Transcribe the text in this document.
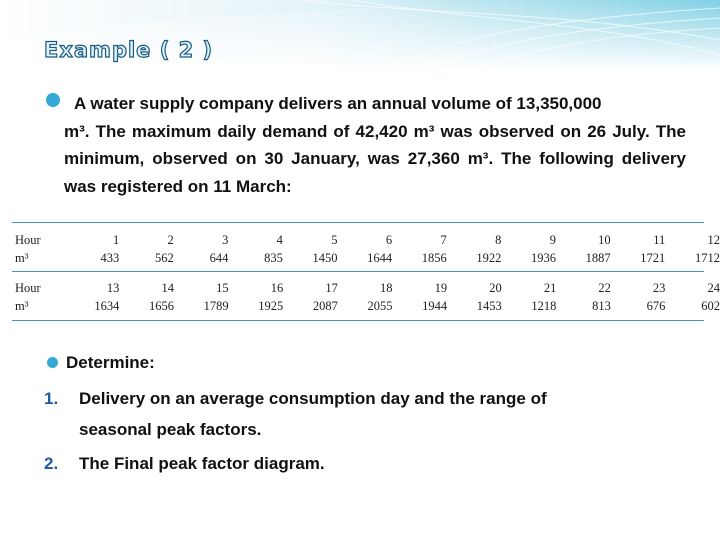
Example ( 2 )
A water supply company delivers an annual volume of 13,350,000
m³. The maximum daily demand of 42,420 m³ was observed on 26 July. The minimum, observed on 30 January, was 27,360 m³. The following delivery was registered on 11 March:
Hour	1	2	3	4	5	6	7	8	9	10	11	12
m³	433	562	644	835	1450	1644	1856	1922	1936	1887	1721	1712
Hour	13	14	15	16	17	18	19	20	21	22	23	24
m³	1634	1656	1789	1925	2087	2055	1944	1453	1218	813	676	602
Determine:
1. Delivery on an average consumption day and the range of
seasonal peak factors.
2. The Final peak factor diagram.
